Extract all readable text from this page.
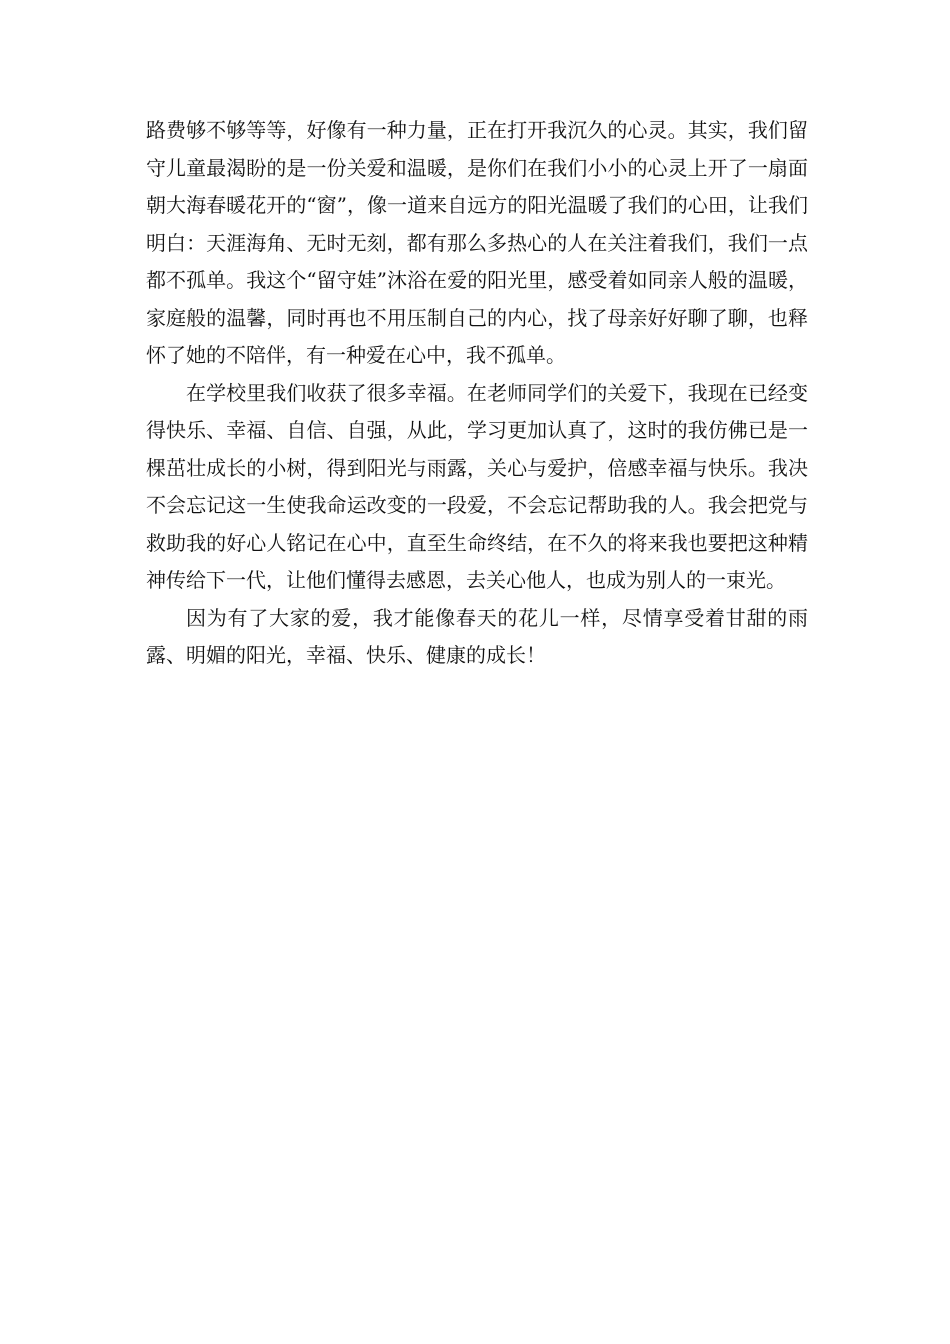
路费够不够等等，好像有一种力量，正在打开我沉久的心灵。其实，我们留守儿童最渴盼的是一份关爱和温暖，是你们在我们小小的心灵上开了一扇面朝大海春暖花开的“窗”，像一道来自远方的阳光温暖了我们的心田，让我们明白：天涯海角、无时无刻，都有那么多热心的人在关注着我们，我们一点都不孤单。我这个“留守娃”沐浴在爱的阳光里，感受着如同亲人般的温暖，家庭般的温馨，同时再也不用压制自己的内心，找了母亲好好聊了聊，也释怀了她的不陪伴，有一种爱在心中，我不孤单。

在学校里我们收获了很多幸福。在老师同学们的关爱下，我现在已经变得快乐、幸福、自信、自强，从此，学习更加认真了，这时的我仿佛已是一棵茁壮成长的小树，得到阳光与雨露，关心与爱护，倍感幸福与快乐。我决不会忘记这一生使我命运改变的一段爱，不会忘记帮助我的人。我会把党与救助我的好心人铭记在心中，直至生命终结，在不久的将来我也要把这种精神传给下一代，让他们懂得去感恩，去关心他人，也成为别人的一束光。

因为有了大家的爱，我才能像春天的花儿一样，尽情享受着甘甜的雨露、明媚的阳光，幸福、快乐、健康的成长！
